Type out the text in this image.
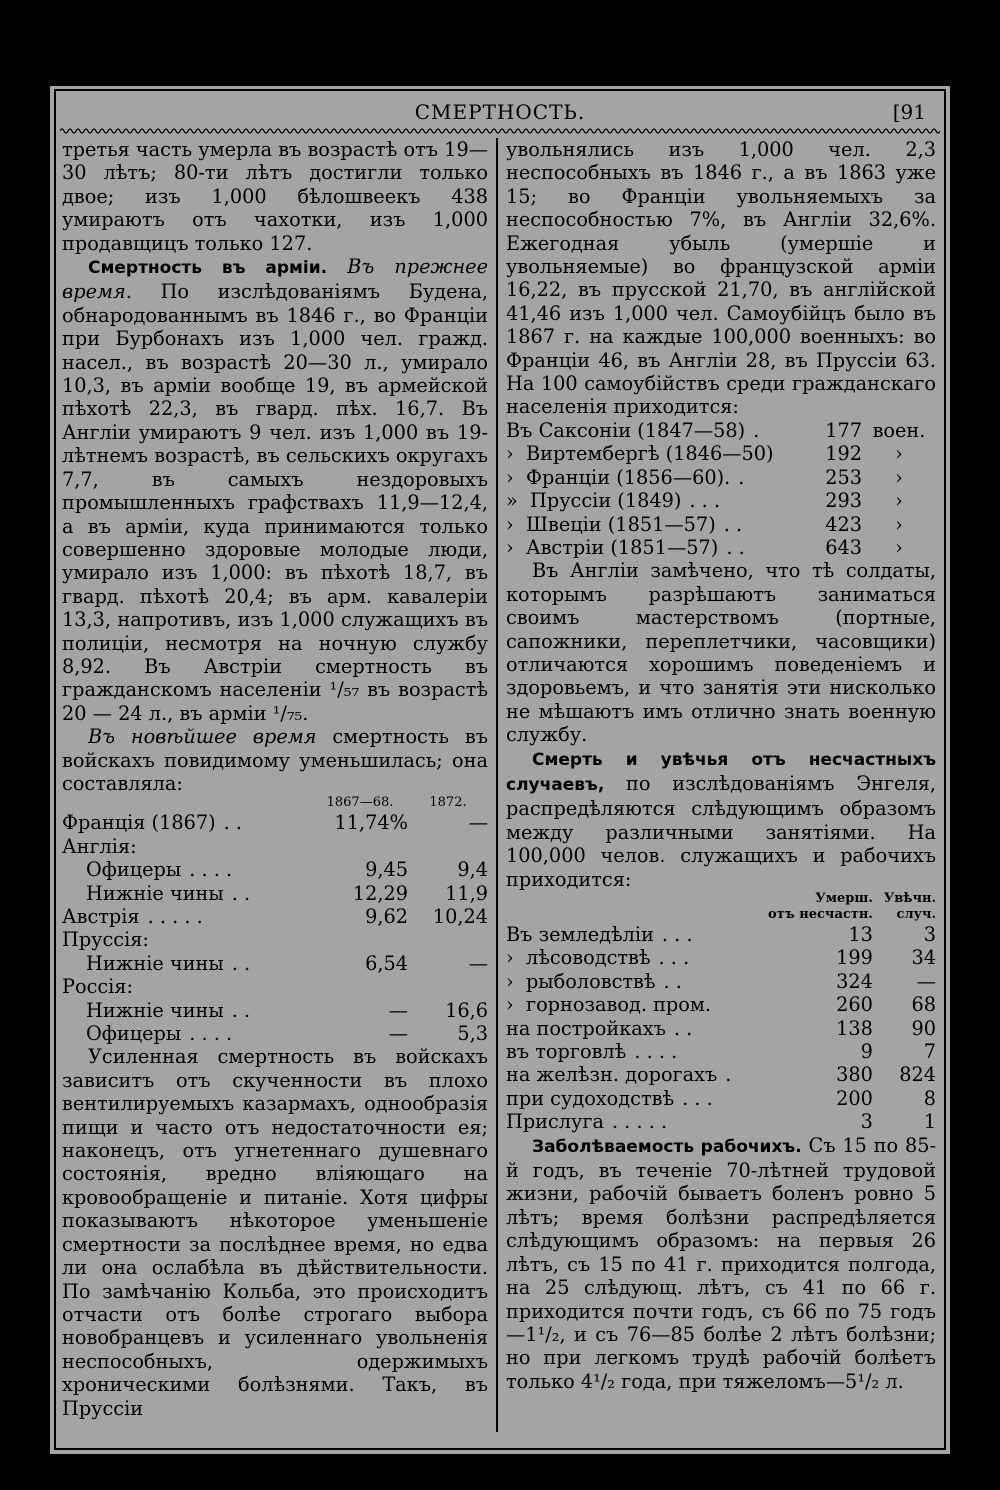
СМЕРТНОСТЬ.	[91

третья часть умерла въ возрастѣ отъ 19—30 лѣтъ; 80-ти лѣтъ достигли только двое; изъ 1,000 бѣлошвеекъ 438 умираютъ отъ чахотки, изъ 1,000 продавщицъ только 127.

Смертность въ арміи. Въ прежнее время. По изслѣдованіямъ Будена, обнародованнымъ въ 1846 г., во Франціи при Бурбонахъ изъ 1,000 чел. гражд. насел., въ возрастѣ 20—30 л., умирало 10,3, въ арміи вообще 19, въ армейской пѣхотѣ 22,3, въ гвард. пѣх. 16,7. Въ Англіи умираютъ 9 чел. изъ 1,000 въ 19-лѣтнемъ возрастѣ, въ сельскихъ округахъ 7,7, въ самыхъ нездоровыхъ промышленныхъ графствахъ 11,9—12,4, а въ арміи, куда принимаются только совершенно здоровые молодые люди, умирало изъ 1,000: въ пѣхотѣ 18,7, въ гвард. пѣхотѣ 20,4; въ арм. кавалеріи 13,3, напротивъ, изъ 1,000 служащихъ въ полиціи, несмотря на ночную службу 8,92. Въ Австріи смертность въ гражданскомъ населеніи ¹/₅₇ въ возрастѣ 20 — 24 л., въ арміи ¹/₇₅.

Въ новѣйшее время смертность въ войскахъ повидимому уменьшилась; она составляла:

	1867—68.	1872.
Франція (1867) . .	11,74%	—
Англія:		
Офицеры . . . .	9,45	9,4
Нижніе чины . .	12,29	11,9
Австрія . . . . .	9,62	10,24
Пруссія:		
Нижніе чины . .	6,54	—
Россія:		
Нижніе чины . .	—	16,6
Офицеры . . . .	—	5,3

Усиленная смертность въ войскахъ зависитъ отъ скученности въ плохо вентилируемыхъ казармахъ, однообразія пищи и часто отъ недостаточности ея; наконецъ, отъ угнетеннаго душевнаго состоянія, вредно вліяющаго на кровообращеніе и питаніе. Хотя цифры показываютъ нѣкоторое уменьшеніе смертности за послѣднее время, но едва ли она ослабѣла въ дѣйствительности. По замѣчанію Кольба, это происходитъ отчасти отъ болѣе строгаго выбора новобранцевъ и усиленнаго увольненія неспособныхъ, одержимыхъ хроническими болѣзнями. Такъ, въ Пруссіи

увольнялись изъ 1,000 чел. 2,3 неспособныхъ въ 1846 г., а въ 1863 уже 15; во Франціи увольняемыхъ за неспособностью 7%, въ Англіи 32,6%. Ежегодная убыль (умершіе и увольняемые) во французской арміи 16,22, въ прусской 21,70, въ англійской 41,46 изъ 1,000 чел. Самоубійцъ было въ 1867 г. на каждые 100,000 военныхъ: во Франціи 46, въ Англіи 28, въ Пруссіи 63. На 100 самоубійствъ среди гражданскаго населенія приходится:

Въ Саксоніи (1847—58) .	177	воен.
›  Виртембергѣ (1846—50)	192	›
›  Франціи (1856—60). .	253	›
»  Пруссіи (1849) . . .	293	›
›  Швеціи (1851—57) . .	423	›
›  Австріи (1851—57) . .	643	›

Въ Англіи замѣчено, что тѣ солдаты, которымъ разрѣшаютъ заниматься своимъ мастерствомъ (портные, сапожники, переплетчики, часовщики) отличаются хорошимъ поведеніемъ и здоровьемъ, и что занятія эти нисколько не мѣшаютъ имъ отлично знать военную службу.

Смерть и увѣчья отъ несчастныхъ случаевъ, по изслѣдованіямъ Энгеля, распредѣляются слѣдующимъ образомъ между различными занятіями. На 100,000 челов. служащихъ и рабочихъ приходится:

	Умерш.	Увѣчн.
	отъ несчастн.	случ.
Въ земледѣліи . . .	13	3
›  лѣсоводствѣ . . .	199	34
›  рыболовствѣ . .	324	—
›  горнозавод. пром.	260	68
на постройкахъ . .	138	90
въ торговлѣ . . . .	9	7
на желѣзн. дорогахъ .	380	824
при судоходствѣ . . .	200	8
Прислуга . . . . .	3	1

Заболѣваемость рабочихъ. Съ 15 по 85-й годъ, въ теченіе 70-лѣтней трудовой жизни, рабочій бываетъ боленъ ровно 5 лѣтъ; время болѣзни распредѣляется слѣдующимъ образомъ: на первыя 26 лѣтъ, съ 15 по 41 г. приходится полгода, на 25 слѣдующ. лѣтъ, съ 41 по 66 г. приходится почти годъ, съ 66 по 75 годъ—1¹/₂, и съ 76—85 болѣе 2 лѣтъ болѣзни; но при легкомъ трудѣ рабочій болѣетъ только 4¹/₂ года, при тяжеломъ—5¹/₂ л.
